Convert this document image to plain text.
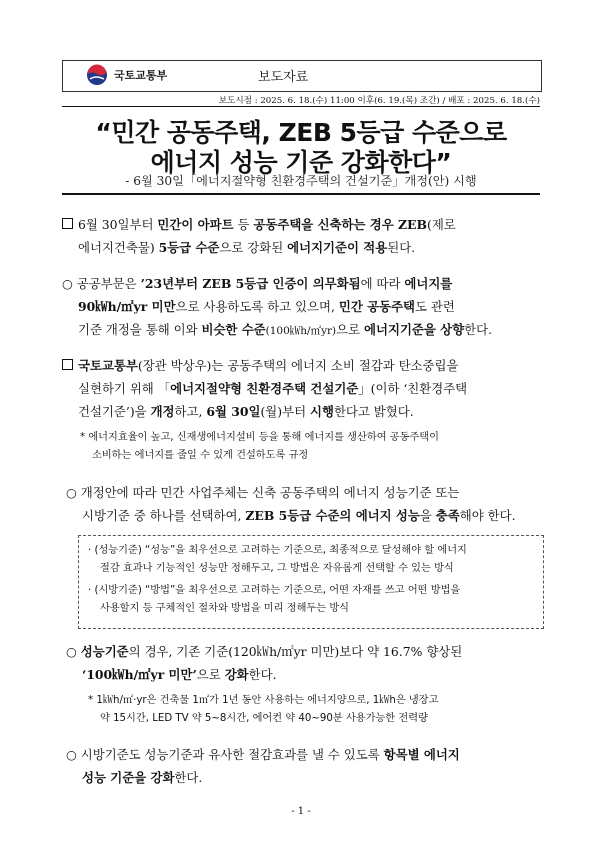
국토교통부	보도자료
보도시점 : 2025. 6. 18.(수) 11:00 이후(6. 19.(목) 조간) / 배포 : 2025. 6. 18.(수)
“민간 공동주택, ZEB 5등급 수준으로
에너지 성능 기준 강화한다”
- 6월 30일「에너지절약형 친환경주택의 건설기준」개정(안) 시행
6월 30일부터 민간이 아파트 등 공동주택을 신축하는 경우 ZEB(제로
에너지건축물) 5등급 수준으로 강화된 에너지기준이 적용된다.
○ 공공부문은 ’23년부터 ZEB 5등급 인증이 의무화됨에 따라 에너지를
90㎾h/㎡yr 미만으로 사용하도록 하고 있으며, 민간 공동주택도 관련
기준 개정을 통해 이와 비슷한 수준(100㎾h/㎡yr)으로 에너지기준을 상향한다.
국토교통부(장관 박상우)는 공동주택의 에너지 소비 절감과 탄소중립을
실현하기 위해 「에너지절약형 친환경주택 건설기준」(이하 ‘친환경주택
건설기준’)을 개정하고, 6월 30일(월)부터 시행한다고 밝혔다.
* 에너지효율이 높고, 신재생에너지설비 등을 통해 에너지를 생산하여 공동주택이
소비하는 에너지를 줄일 수 있게 건설하도록 규정
○ 개정안에 따라 민간 사업주체는 신축 공동주택의 에너지 성능기준 또는
시방기준 중 하나를 선택하여, ZEB 5등급 수준의 에너지 성능을 충족해야 한다.
· (성능기준) “성능”을 최우선으로 고려하는 기준으로, 최종적으로 달성해야 할 에너지
절감 효과나 기능적인 성능만 정해두고, 그 방법은 자유롭게 선택할 수 있는 방식
· (시방기준) “방법”을 최우선으로 고려하는 기준으로, 어떤 자재를 쓰고 어떤 방법을
사용할지 등 구체적인 절차와 방법을 미리 정해두는 방식
○ 성능기준의 경우, 기존 기준(120㎾h/㎡yr 미만)보다 약 16.7% 향상된
‘100㎾h/㎡yr 미만’으로 강화한다.
* 1㎾h/㎡·yr은 건축물 1㎡가 1년 동안 사용하는 에너지양으로, 1㎾h은 냉장고
약 15시간, LED TV 약 5~8시간, 에어컨 약 40~90분 사용가능한 전력량
○ 시방기준도 성능기준과 유사한 절감효과를 낼 수 있도록 항목별 에너지
성능 기준을 강화한다.
- 1 -
